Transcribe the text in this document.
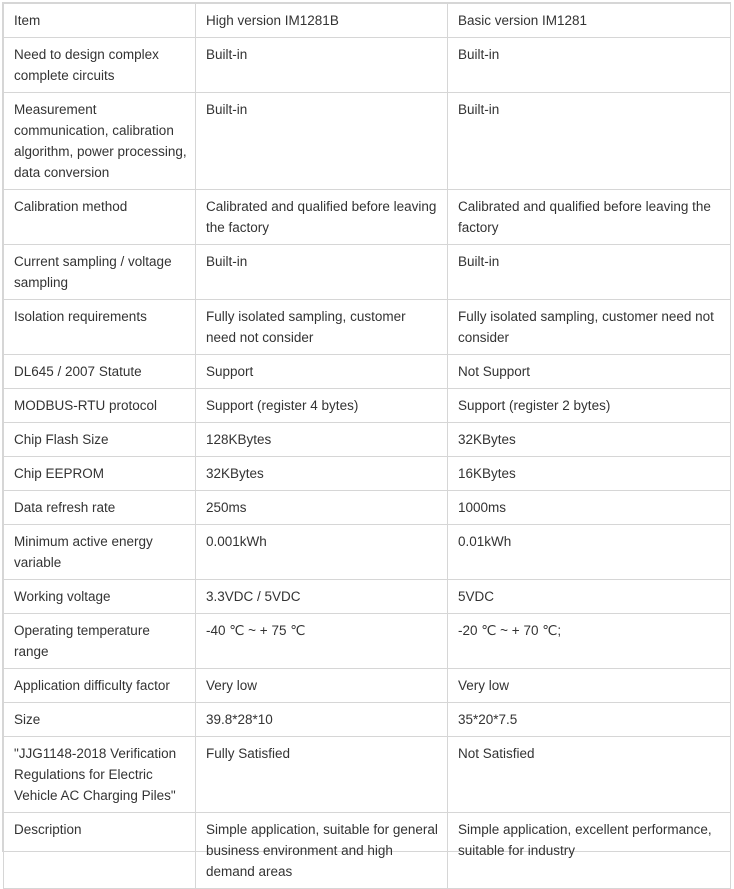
Item	High version IM1281B	Basic version IM1281
Need to design complex complete circuits	Built-in	Built-in
Measurement communication, calibration algorithm, power processing, data conversion	Built-in	Built-in
Calibration method	Calibrated and qualified before leaving the factory	Calibrated and qualified before leaving the factory
Current sampling / voltage sampling	Built-in	Built-in
Isolation requirements	Fully isolated sampling, customer need not consider	Fully isolated sampling, customer need not consider
DL645 / 2007 Statute	Support	Not Support
MODBUS-RTU protocol	Support (register 4 bytes)	Support (register 2 bytes)
Chip Flash Size	128KBytes	32KBytes
Chip EEPROM	32KBytes	16KBytes
Data refresh rate	250ms	1000ms
Minimum active energy variable	0.001kWh	0.01kWh
Working voltage	3.3VDC / 5VDC	5VDC
Operating temperature range	-40 ℃ ~ + 75 ℃	-20 ℃ ~ + 70 ℃;
Application difficulty factor	Very low	Very low
Size	39.8*28*10	35*20*7.5
"JJG1148-2018 Verification Regulations for Electric Vehicle AC Charging Piles"	Fully Satisfied	Not Satisfied
Description	Simple application, suitable for general business environment and high demand areas	Simple application, excellent performance, suitable for industry
